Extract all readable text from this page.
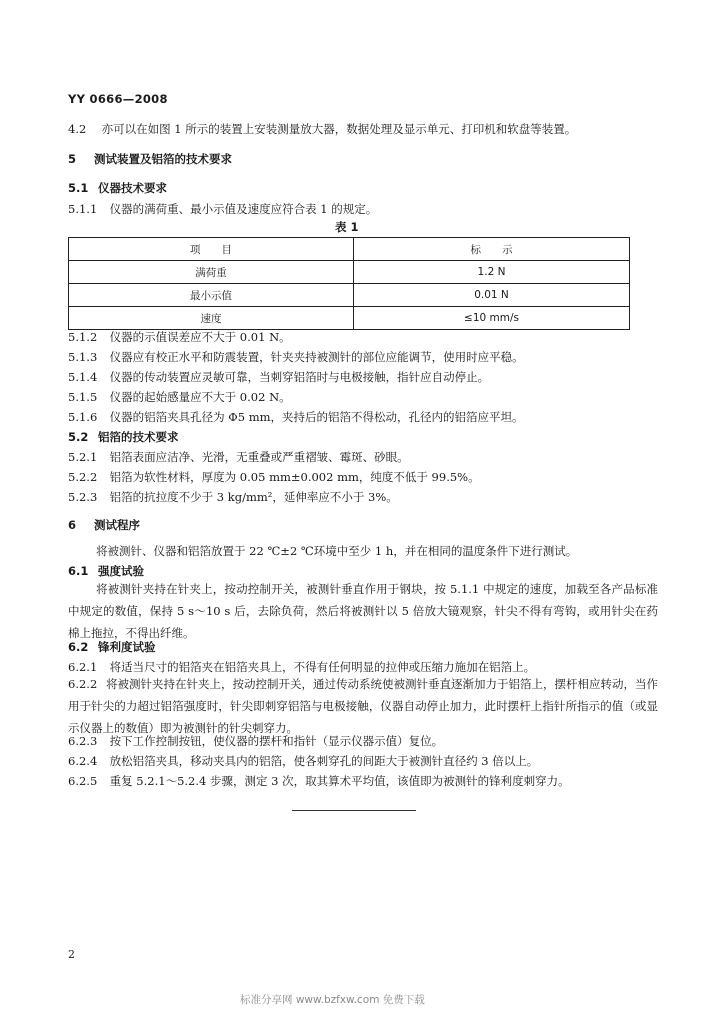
YY 0666—2008
4.2 亦可以在如图 1 所示的装置上安装测量放大器，数据处理及显示单元、打印机和软盘等装置。
5 测试装置及铝箔的技术要求
5.1 仪器技术要求
5.1.1 仪器的满荷重、最小示值及速度应符合表 1 的规定。
表 1
项　　目	标　　示
满荷重	1.2 N
最小示值	0.01 N
速度	≤10 mm/s
5.1.2 仪器的示值误差应不大于 0.01 N。
5.1.3 仪器应有校正水平和防震装置，针夹夹持被测针的部位应能调节，使用时应平稳。
5.1.4 仪器的传动装置应灵敏可靠，当刺穿铝箔时与电极接触，指针应自动停止。
5.1.5 仪器的起始感量应不大于 0.02 N。
5.1.6 仪器的铝箔夹具孔径为 Φ5 mm，夹持后的铝箔不得松动，孔径内的铝箔应平坦。
5.2 铝箔的技术要求
5.2.1 铝箔表面应洁净、光滑，无重叠或严重褶皱、霉斑、砂眼。
5.2.2 铝箔为软性材料，厚度为 0.05 mm±0.002 mm，纯度不低于 99.5%。
5.2.3 铝箔的抗拉度不少于 3 kg/mm²，延伸率应不小于 3%。
6 测试程序
将被测针、仪器和铝箔放置于 22 ℃±2 ℃环境中至少 1 h，并在相同的温度条件下进行测试。
6.1 强度试验
将被测针夹持在针夹上，按动控制开关，被测针垂直作用于钢块，按 5.1.1 中规定的速度，加载至各产品标准中规定的数值，保持 5 s～10 s 后，去除负荷，然后将被测针以 5 倍放大镜观察，针尖不得有弯钩，或用针尖在药棉上拖拉，不得出纤维。
6.2 锋利度试验
6.2.1 将适当尺寸的铝箔夹在铝箔夹具上，不得有任何明显的拉伸或压缩力施加在铝箔上。
6.2.2 将被测针夹持在针夹上，按动控制开关，通过传动系统使被测针垂直逐渐加力于铝箔上，摆杆相应转动，当作用于针尖的力超过铝箔强度时，针尖即刺穿铝箔与电极接触，仪器自动停止加力，此时摆杆上指针所指示的值（或显示仪器上的数值）即为被测针的针尖刺穿力。
6.2.3 按下工作控制按钮，使仪器的摆杆和指针（显示仪器示值）复位。
6.2.4 放松铝箔夹具，移动夹具内的铝箔，使各刺穿孔的间距大于被测针直径约 3 倍以上。
6.2.5 重复 5.2.1～5.2.4 步骤，测定 3 次，取其算术平均值，该值即为被测针的锋利度刺穿力。
2
标准分享网 www.bzfxw.com 免费下载
